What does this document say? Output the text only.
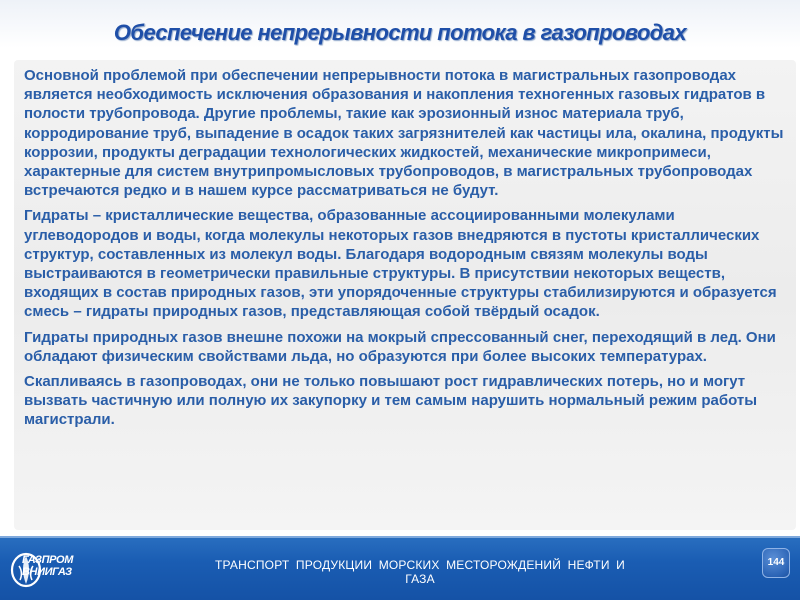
Обеспечение непрерывности потока в газопроводах

Основной проблемой при обеспечении непрерывности потока в магистральных газопроводах является необходимость исключения образования и накопления техногенных газовых гидратов в полости трубопровода. Другие проблемы, такие как эрозионный износ материала труб, корродирование труб, выпадение в осадок таких загрязнителей как частицы ила, окалина, продукты коррозии, продукты деградации технологических жидкостей, механические микропримеси, характерные для систем внутрипромысловых трубопроводов, в магистральных трубопроводах встречаются редко и в нашем курсе рассматриваться не будут.

Гидраты – кристаллические вещества, образованные ассоциированными молекулами углеводородов и воды, когда молекулы некоторых газов внедряются в пустоты кристаллических структур, составленных из молекул воды. Благодаря водородным связям молекулы воды выстраиваются в геометрически правильные структуры. В присутствии некоторых веществ, входящих в состав природных газов, эти упорядоченные структуры стабилизируются и образуется смесь – гидраты природных газов, представляющая собой твёрдый осадок.

Гидраты природных газов внешне похожи на мокрый спрессованный снег, переходящий в лед. Они обладают физическим свойствами льда, но образуются при более высоких температурах.

Скапливаясь в газопроводах, они не только повышают рост гидравлических потерь, но и могут вызвать частичную или полную их закупорку и тем самым нарушить нормальный режим работы магистрали.

ГАЗПРОМ ВНИИГАЗ	ТРАНСПОРТ ПРОДУКЦИИ МОРСКИХ МЕСТОРОЖДЕНИЙ НЕФТИ И ГАЗА
144
